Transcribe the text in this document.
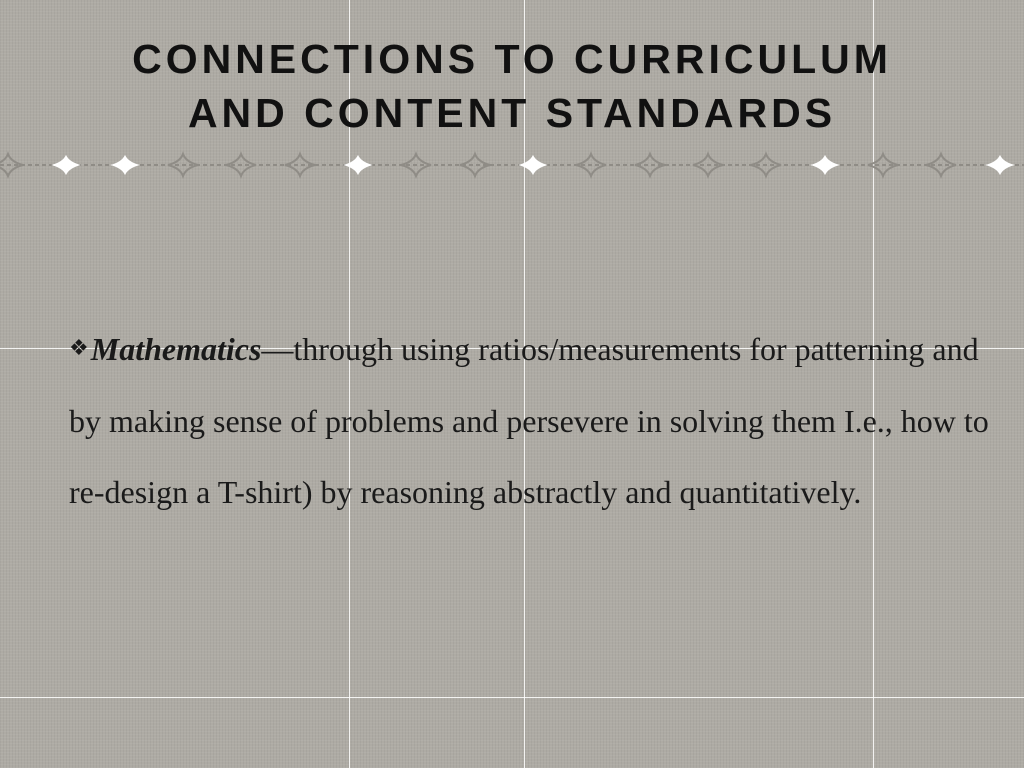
CONNECTIONS TO CURRICULUM
AND CONTENT STANDARDS

❖Mathematics—through using ratios/measurements for patterning and by making sense of problems and persevere in solving them I.e., how to re-design a T-shirt) by reasoning abstractly and quantitatively.
